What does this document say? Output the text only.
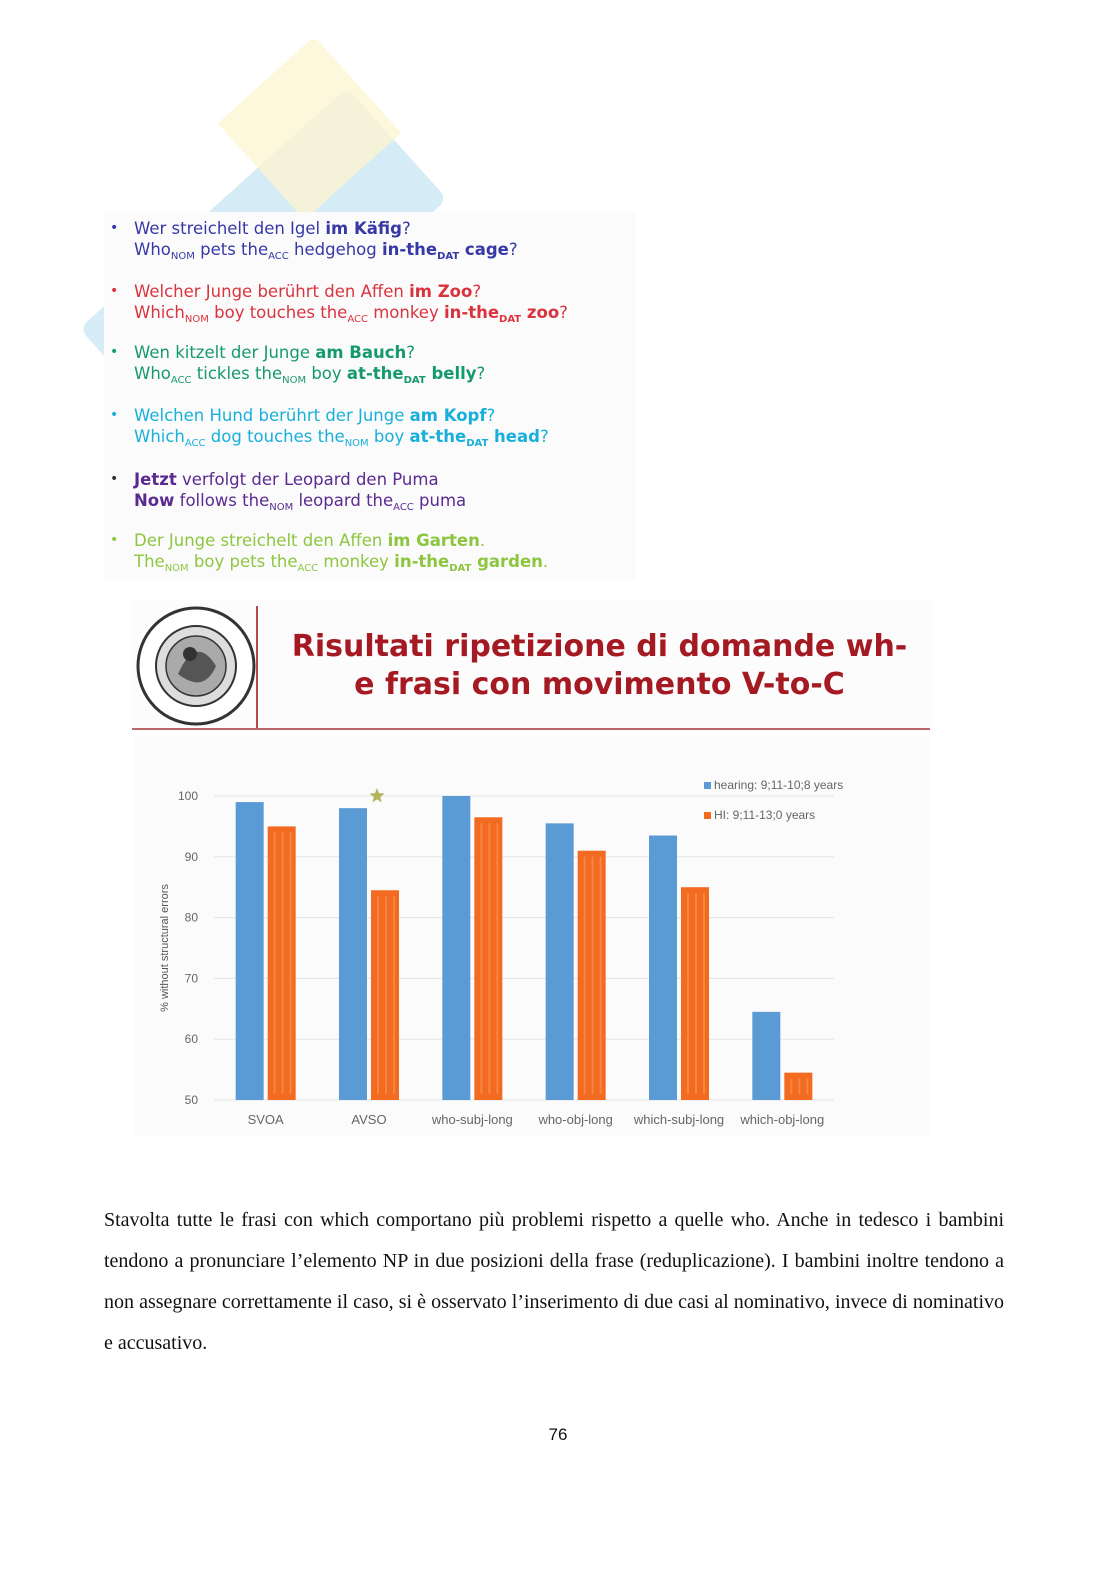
• Wer streichelt den Igel im Käfig?
Who$_{NOM}$ pets the$_{ACC}$ hedgehog in-the$_{DAT}$ cage?
• Welcher Junge berührt den Affen im Zoo?
Which$_{NOM}$ boy touches the$_{ACC}$ monkey in-the$_{DAT}$ zoo?
• Wen kitzelt der Junge am Bauch?
Who$_{ACC}$ tickles the$_{NOM}$ boy at-the$_{DAT}$ belly?
• Welchen Hund berührt der Junge am Kopf?
Which$_{ACC}$ dog touches the$_{NOM}$ boy at-the$_{DAT}$ head?
• Jetzt verfolgt der Leopard den Puma
Now follows the$_{NOM}$ leopard the$_{ACC}$ puma
• Der Junge streichelt den Affen im Garten.
The$_{NOM}$ boy pets the$_{ACC}$ monkey in-the$_{DAT}$ garden.
Risultati ripetizione di domande wh-
e frasi con movimento V-to-C
50
60
70
80
90
100
% without structural errors
SVOA	AVSO	who-subj-long who-obj-long which-subj-long which-obj-long
hearing: 9;11-10;8 years
HI: 9;11-13;0 years
Stavolta tutte le frasi con which comportano più problemi rispetto a quelle who. Anche in tedesco i bambini tendono a pronunciare l’elemento NP in due posizioni della frase (reduplicazione). I bambini inoltre tendono a non assegnare correttamente il caso, si è osservato l’inserimento di due casi al nominativo, invece di nominativo e accusativo.
76
